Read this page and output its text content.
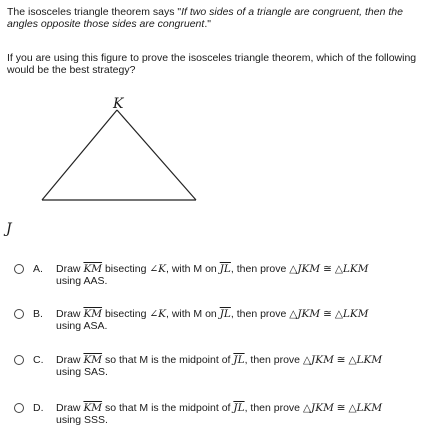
The isosceles triangle theorem says "If two sides of a triangle are congruent, then the angles opposite those sides are congruent."
If you are using this figure to prove the isosceles triangle theorem, which of the following would be the best strategy?
K
J
A. Draw $\overline{KM}$ bisecting ∠K, with M on $\overline{JL}$, then prove △JKM ≅ △LKM
using AAS.
B. Draw $\overline{KM}$ bisecting ∠K, with M on $\overline{JL}$, then prove △JKM ≅ △LKM
using ASA.
C. Draw $\overline{KM}$ so that M is the midpoint of $\overline{JL}$, then prove △JKM ≅ △LKM
using SAS.
D. Draw $\overline{KM}$ so that M is the midpoint of $\overline{JL}$, then prove △JKM ≅ △LKM
using SSS.
